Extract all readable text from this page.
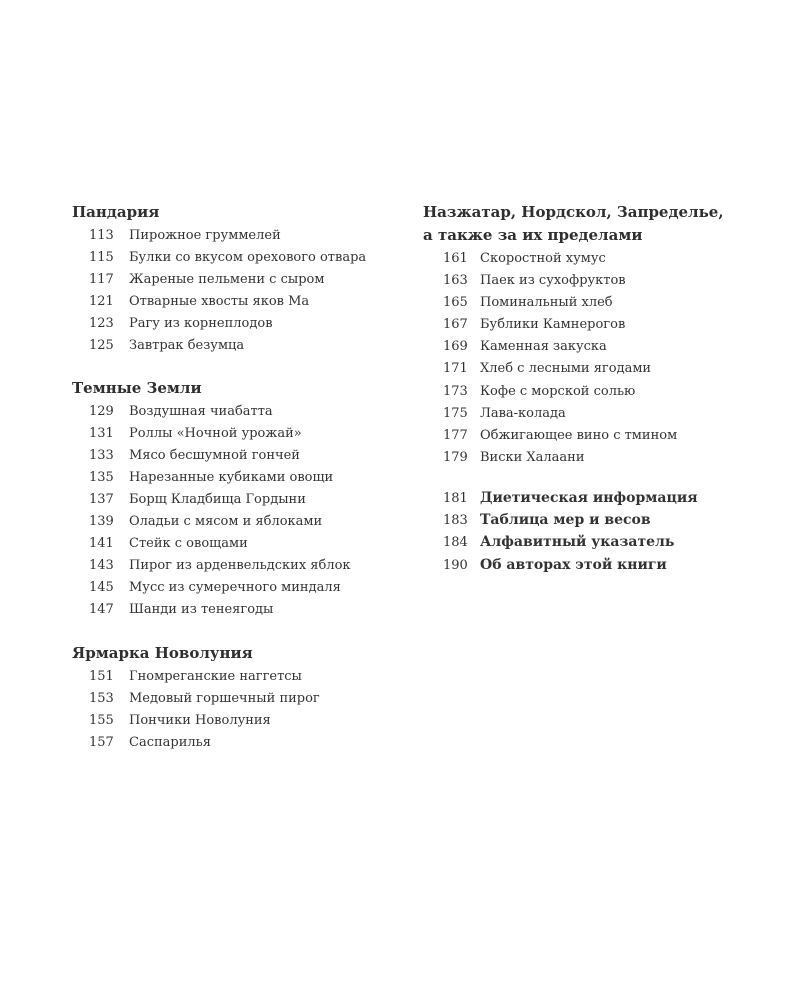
Пандария
113	Пирожное груммелей
115	Булки со вкусом орехового отвара
117	Жареные пельмени с сыром
121	Отварные хвосты яков Ма
123	Рагу из корнеплодов
125	Завтрак безумца
Темные Земли
129	Воздушная чиабатта
131	Роллы «Ночной урожай»
133	Мясо бесшумной гончей
135	Нарезанные кубиками овощи
137	Борщ Кладбища Гордыни
139	Оладьи с мясом и яблоками
141	Стейк с овощами
143	Пирог из арденвельдских яблок
145	Мусс из сумеречного миндаля
147	Шанди из тенеягоды
Ярмарка Новолуния
151	Гномреганские наггетсы
153	Медовый горшечный пирог
155	Пончики Новолуния
157	Саспарилья
Назжатар, Нордскол, Запределье,
а также за их пределами
161 Скоростной хумус
163 Паек из сухофруктов
165 Поминальный хлеб
167 Бублики Камнерогов
169 Каменная закуска
171 Хлеб с лесными ягодами
173 Кофе с морской солью
175 Лава-колада
177 Обжигающее вино с тмином
179 Виски Халаани
181 Диетическая информация
183 Таблица мер и весов
184 Алфавитный указатель
190 Об авторах этой книги
